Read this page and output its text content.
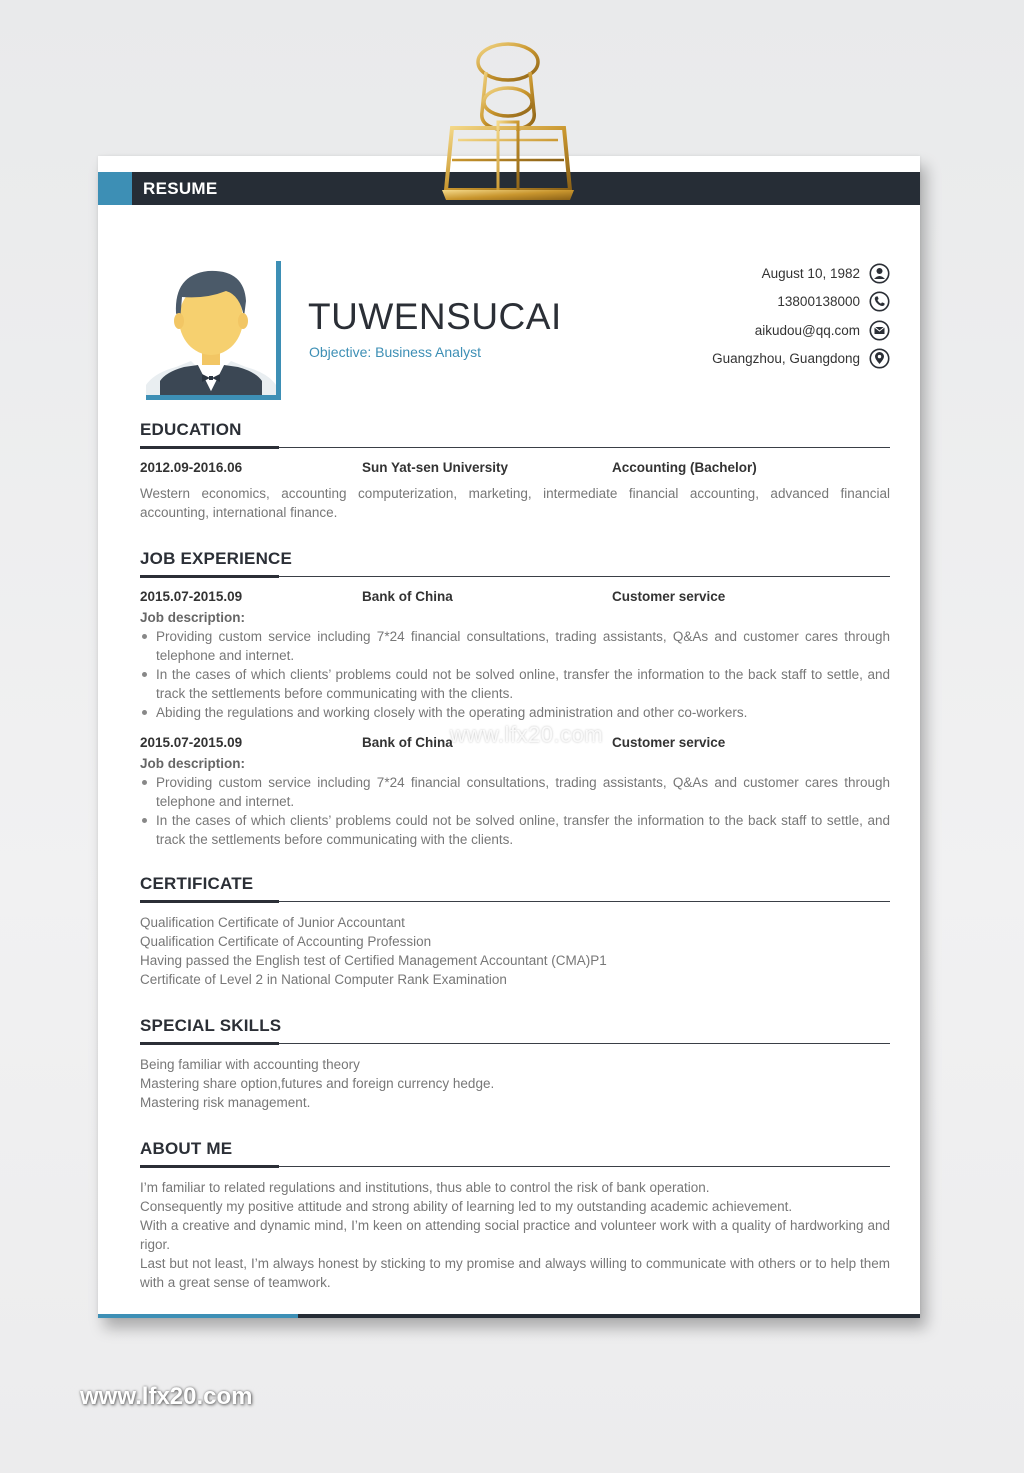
RESUME
TUWENSUCAI
Objective: Business Analyst
August 10, 1982
13800138000
aikudou@qq.com
Guangzhou, Guangdong
EDUCATION
2012.09-2016.06	Sun Yat-sen University	Accounting (Bachelor)
Western economics, accounting computerization, marketing, intermediate financial accounting, advanced financial accounting, international finance.
JOB EXPERIENCE
2015.07-2015.09	Bank of China	Customer service
Job description:
Providing custom service including 7*24 financial consultations, trading assistants, Q&As and customer cares through telephone and internet.
In the cases of which clients’ problems could not be solved online, transfer the information to the back staff to settle, and track the settlements before communicating with the clients.
Abiding the regulations and working closely with the operating administration and other co-workers.
2015.07-2015.09	Bank of China	Customer service
Job description:
Providing custom service including 7*24 financial consultations, trading assistants, Q&As and customer cares through telephone and internet.
In the cases of which clients’ problems could not be solved online, transfer the information to the back staff to settle, and track the settlements before communicating with the clients.
CERTIFICATE
Qualification Certificate of Junior Accountant
Qualification Certificate of Accounting Profession
Having passed the English test of Certified Management Accountant (CMA)P1
Certificate of Level 2 in National Computer Rank Examination
SPECIAL SKILLS
Being familiar with accounting theory
Mastering share option,futures and foreign currency hedge.
Mastering risk management.
ABOUT ME
I’m familiar to related regulations and institutions, thus able to control the risk of bank operation.
Consequently my positive attitude and strong ability of learning led to my outstanding academic achievement.
With a creative and dynamic mind, I’m keen on attending social practice and volunteer work with a quality of hardworking and rigor.
Last but not least, I’m always honest by sticking to my promise and always willing to communicate with others or to help them with a great sense of teamwork.
www.lfx20.com
www.lfx20.com
